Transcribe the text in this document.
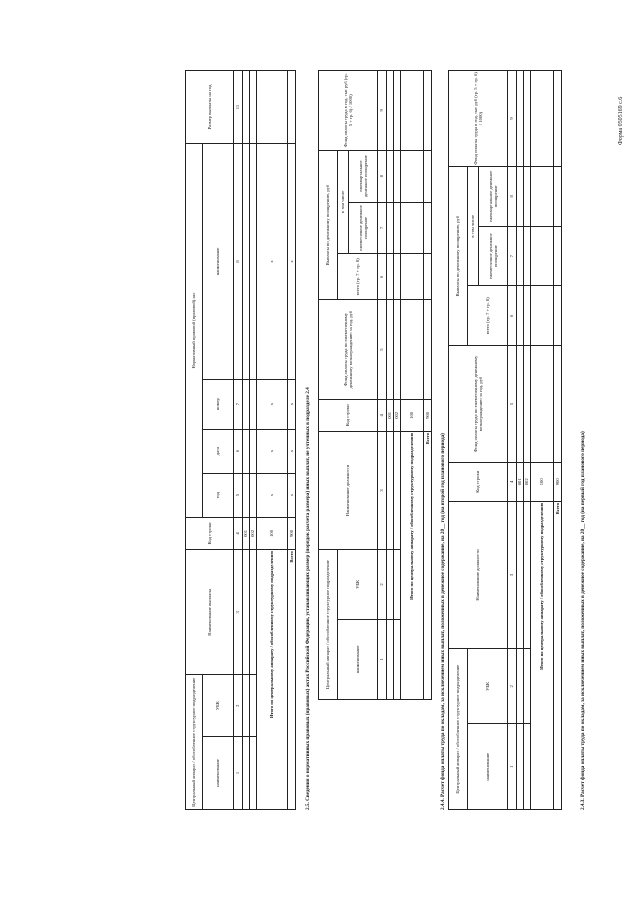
Форма 0505169 с.6
2.4.3. Расчет фонда оплаты труда по окладам, за исключением иных выплат, положенных в денежное содержание, на 20__ год (на первый год планового периода)
Центральный аппарат / обособленное структурное подразделение		Наименование должности	Код строки	Фонд оплаты труда по ежемесячному денежному вознаграждению за год, руб	Выплаты по денежному поощрению, руб			Фонд оплаты труда в год, тыс руб (гр. 5 + гр. 6) / 1000)
наименование	УБК				всего (гр. 7 + гр. 8)	в том числе		
						ежемесячное денежное поощрение	ежеквартальное денежное поощрение	
1	2	3	4	5	6	7	8	9
			001					
			002					
Итого по центральному аппарату / обособленному структурному подразделению			100					
Всего			900					
2.4.4. Расчет фонда оплаты труда по окладам, за исключением иных выплат, положенных в денежное содержание, на 20__ год (на второй год планового периода)
Центральный аппарат / обособленное структурное подразделение		Наименование должности	Код строки	Фонд оплаты труда по ежемесячному денежному вознаграждению за год, руб	Выплаты по денежному поощрению, руб			Фонд оплаты труда в год, тыс руб (гр. 5 + гр. 6) / 1000)
наименование	УБК				всего (гр. 7 + гр. 8)	в том числе		
						ежемесячное денежное поощрение	ежеквартальное денежное поощрение	
1	2	3	4	5	6	7	8	9
			001					
			002					
Итого по центральному аппарату / обособленному структурному подразделению			100					
Всего			900					
2.5. Сведения о нормативных правовых (правовых) актах Российской Федерации, устанавливающих размер (порядок расчета размера) иных выплат, не учтенных в подразделе 2.4
Центральный аппарат / обособленное структурное подразделение		Наименование выплаты	Код строки	Нормативный правовой (правовой) акт				Размер выплаты на год
наименование	УБК			год	дата	номер	наименование	
1	2	3	4	5	6	7	8	11
			001					
			002					
Итого по центральному аппарату / обособленному структурному подразделению			100	x	x	x	x	
Всего			900	x	x	x	x	
